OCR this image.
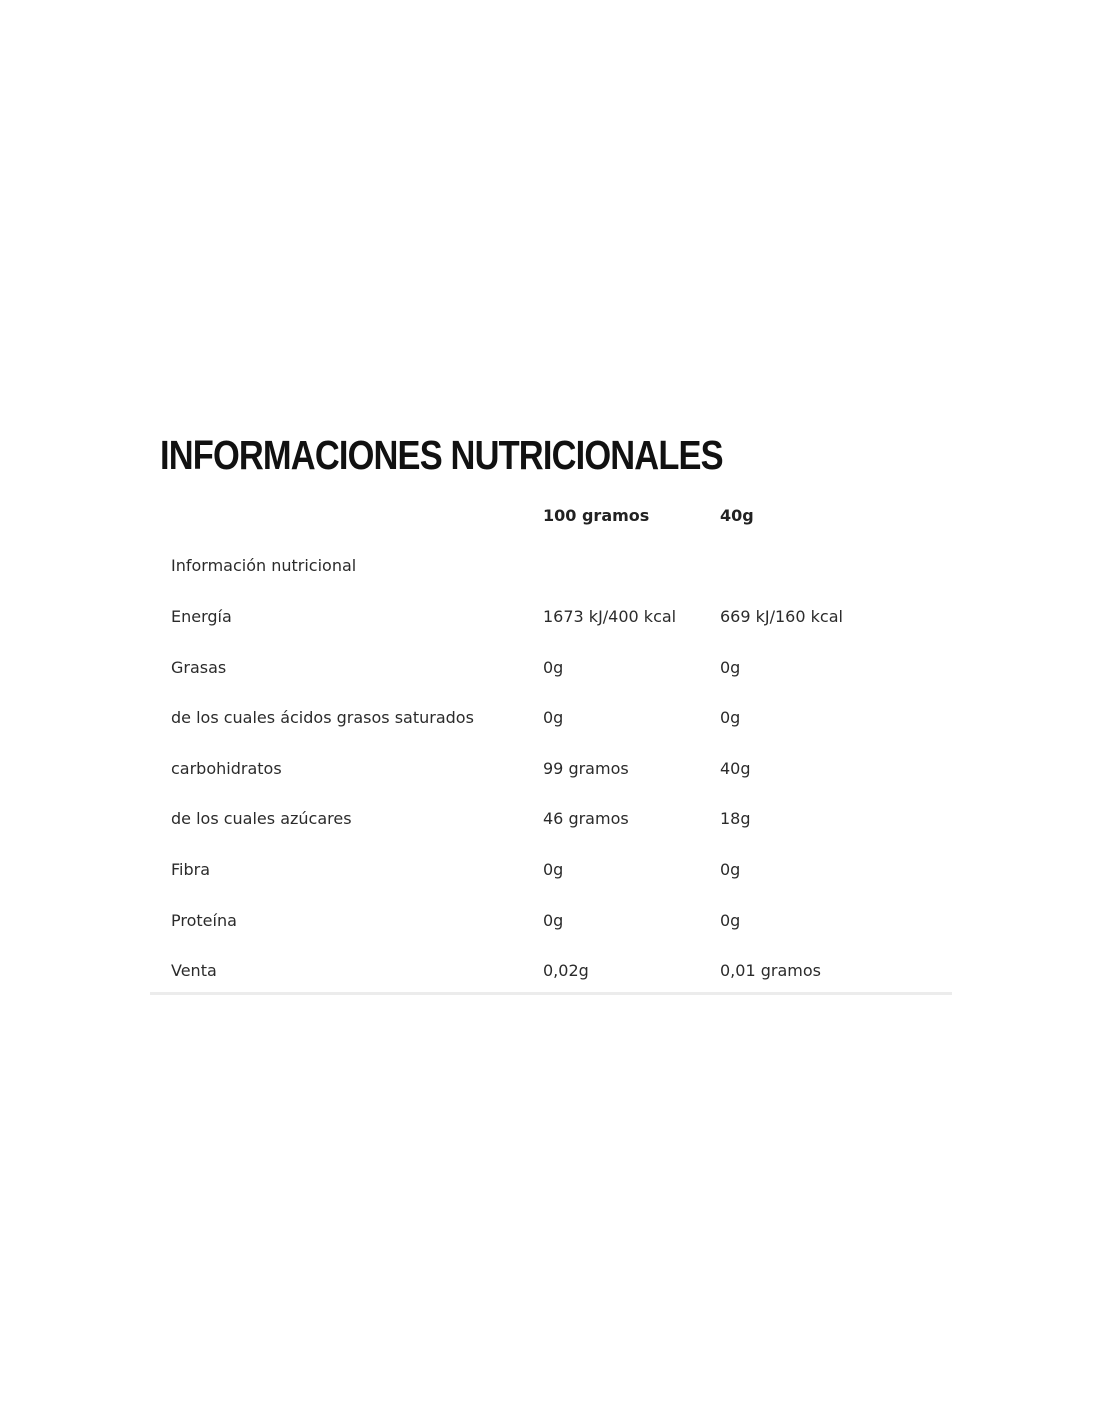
INFORMACIONES NUTRICIONALES
	100 gramos	40g
Información nutricional		
Energía	1673 kJ/400 kcal	669 kJ/160 kcal
Grasas	0g	0g
de los cuales ácidos grasos saturados	0g	0g
carbohidratos	99 gramos	40g
de los cuales azúcares	46 gramos	18g
Fibra	0g	0g
Proteína	0g	0g
Venta	0,02g	0,01 gramos
